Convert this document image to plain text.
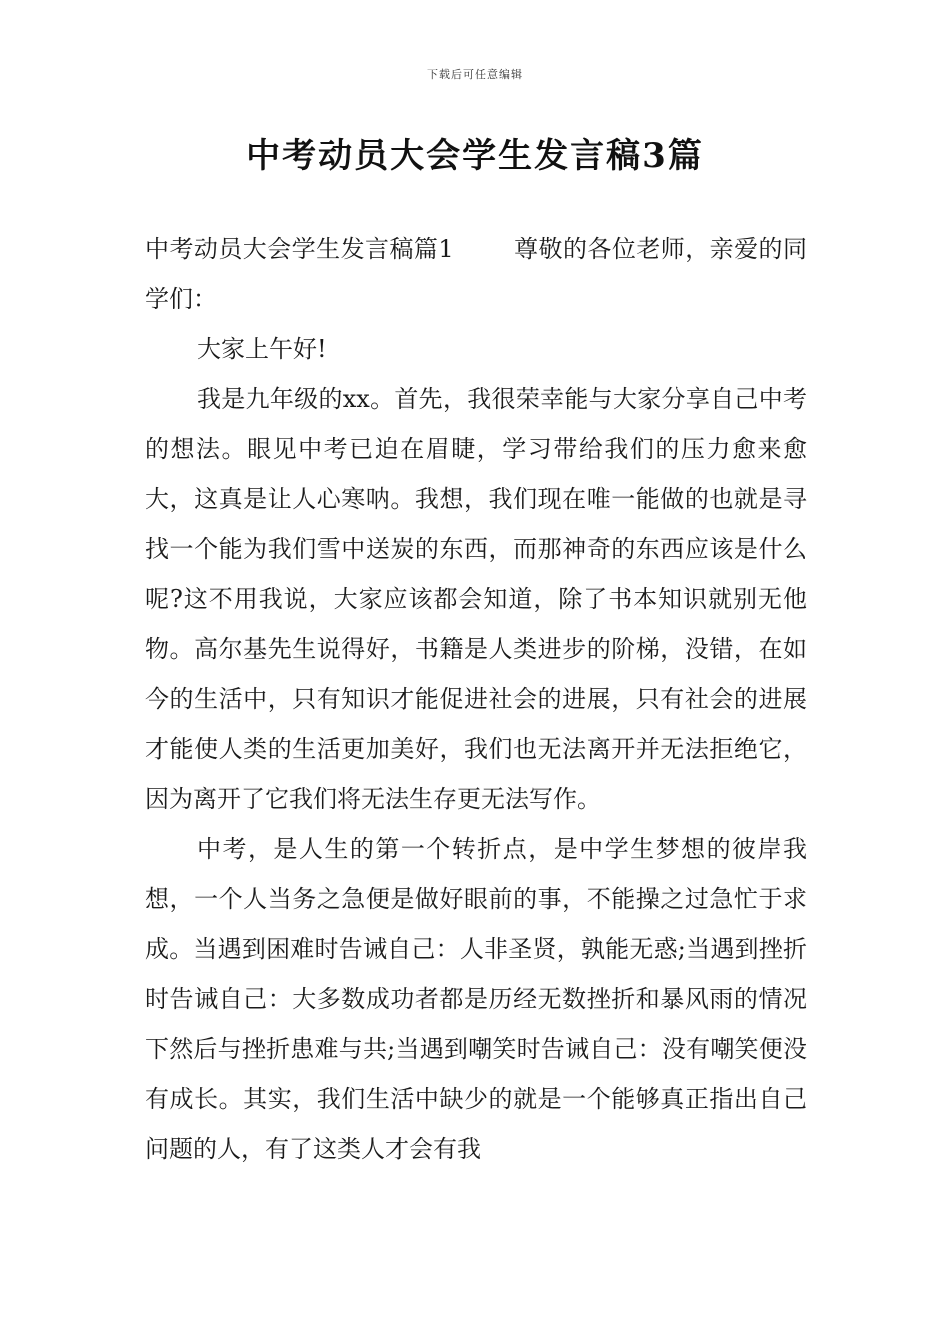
下载后可任意编辑
中考动员大会学生发言稿3篇

中考动员大会学生发言稿篇1	尊敬的各位老师，亲爱的同学们：

大家上午好!

我是九年级的xx。首先，我很荣幸能与大家分享自己中考的想法。眼见中考已迫在眉睫，学习带给我们的压力愈来愈大，这真是让人心寒呐。我想，我们现在唯一能做的也就是寻找一个能为我们雪中送炭的东西，而那神奇的东西应该是什么呢?这不用我说，大家应该都会知道，除了书本知识就别无他物。高尔基先生说得好，书籍是人类进步的阶梯，没错，在如今的生活中，只有知识才能促进社会的进展，只有社会的进展才能使人类的生活更加美好，我们也无法离开并无法拒绝它，因为离开了它我们将无法生存更无法写作。

中考，是人生的第一个转折点，是中学生梦想的彼岸我想，一个人当务之急便是做好眼前的事，不能操之过急忙于求成。当遇到困难时告诫自己：人非圣贤，孰能无惑;当遇到挫折时告诫自己：大多数成功者都是历经无数挫折和暴风雨的情况下然后与挫折患难与共;当遇到嘲笑时告诫自己：没有嘲笑便没有成长。其实，我们生活中缺少的就是一个能够真正指出自己问题的人，有了这类人才会有我
